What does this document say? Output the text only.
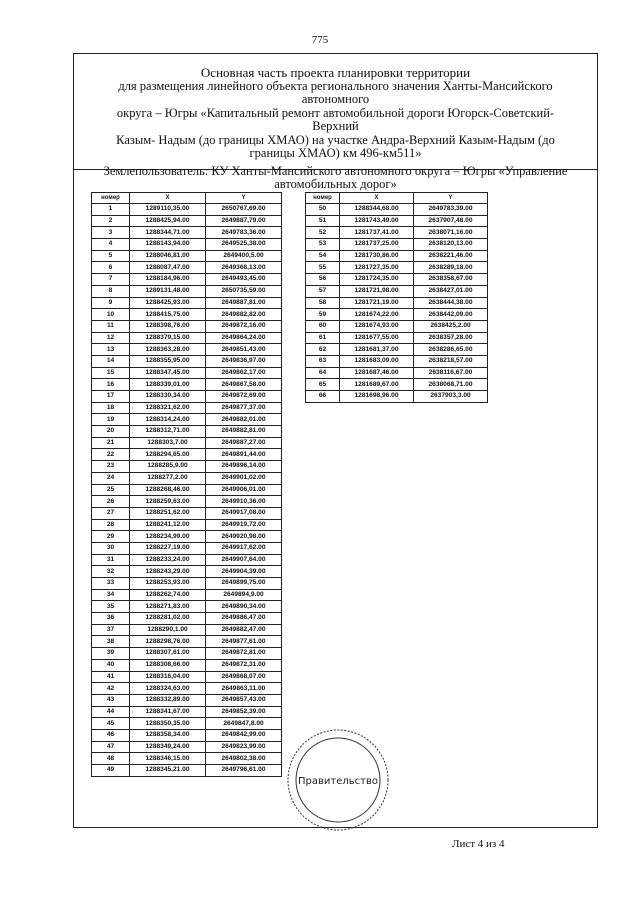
775
Основная часть проекта планировки территории
для размещения линейного объекта регионального значения Ханты-Мансийского автономного
округа – Югры «Капитальный ремонт автомобильной дороги Югорск-Советский-Верхний
Казым- Надым (до границы ХМАО) на участке Андра-Верхний Казым-Надым (до
границы ХМАО) км 496-км511»
Землепользователь: КУ Ханты-Мансийского автономного округа – Югры «Управление
автомобильных дорог»
номер	X	Y
1	1289110,35.00	2650767,69.00
2	1288425,94.00	2649887,79.00
3	1288344,71.00	2649783,36.00
4	1288143,94.00	2649525,38.00
5	1288046,81.00	2649400,5.00
6	1288087,47.00	2649368,13.00
7	1288184,96.00	2649493,45.00
8	1289131,48.00	2650735,59.00
9	1288425,93.00	2649887,81.00
10	1288415,75.00	2649882,82.00
11	1288398,76.00	2649872,16.00
12	1288379,15.00	2649864,24.00
13	1288363,28.00	2649851,43.00
14	1288355,95.00	2649836,97.00
15	1288347,45.00	2649862,17.00
16	1288339,01.00	2649867,58.00
17	1288330,34.00	2649872,69.00
18	1288321,62.00	2649877,37.00
19	1288314,24.00	2649882,01.00
20	1288312,71.00	2649882,81.00
21	1288303,7.00	2649887,27.00
22	1288294,65.00	2649891,44.00
23	1288285,9.00	2649896,14.00
24	1288277,2.00	2649901,02.00
25	1288268,46.00	2649906,01.00
26	1288259,63.00	2649910,36.00
27	1288251,62.00	2649917,08.00
28	1288241,12.00	2649919,72.00
29	1288234,99.00	2649920,98.00
30	1288227,19.00	2649917,62.00
31	1288233,24.00	2649907,64.00
32	1288243,29.00	2649904,39.00
33	1288253,93.00	2649899,75.00
34	1288262,74.00	2649894,9.00
35	1288271,83.00	2649890,34.00
36	1288281,02.00	2649886,47.00
37	1288290,1.00	2649882,47.00
38	1288298,76.00	2649877,61.00
39	1288307,61.00	2649872,81.00
40	1288308,66.00	2649872,31.00
41	1288316,04.00	2649868,07.00
42	1288324,63.00	2649863,11.00
43	1288332,89.00	2649857,43.00
44	1288341,67.00	2649852,39.00
45	1288350,35.00	2649847,8.00
46	1288358,34.00	2649842,99.00
47	1288349,24.00	2649823,99.00
48	1288346,15.00	2649802,38.00
49	1288345,21.00	2649796,61.00
номер	X	Y
50	1288344,68.00	2649783,39.00
51	1281743,49.00	2637907,48.00
52	1281737,41.00	2638071,16.00
53	1281737,25.00	2638120,13.00
54	1281730,86.00	2638221,46.00
55	1281727,35.00	2638289,18.00
56	1281724,35.00	2638358,67.00
57	1281721,98.00	2638427,01.00
58	1281721,19.00	2638444,38.00
59	1281674,22.00	2638442,09.00
60	1281674,93.00	2638425,2.00
61	1281677,55.00	2638357,28.00
62	1281681,37.00	2638286,65.00
63	1281683,09.00	2638218,57.00
64	1281687,46.00	2638116,67.00
65	1281689,67.00	2638068,71.00
66	1281698,96.00	2637903,3.00
Правительство
Лист 4 из 4
